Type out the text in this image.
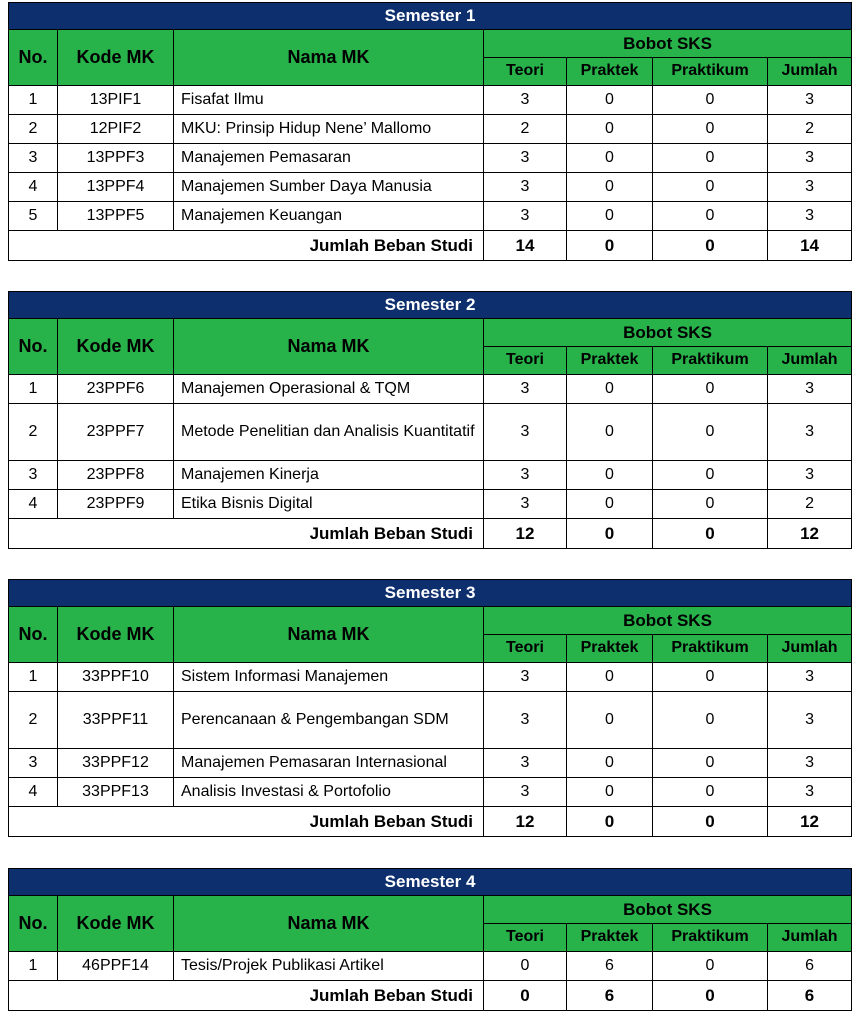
Semester 1						
No.	Kode MK	Nama MK	Bobot SKS			
			Teori	Praktek	Praktikum	Jumlah
1	13PIF1	Fisafat Ilmu	3	0	0	3
2	12PIF2	MKU: Prinsip Hidup Nene’ Mallomo	2	0	0	2
3	13PPF3	Manajemen Pemasaran	3	0	0	3
4	13PPF4	Manajemen Sumber Daya Manusia	3	0	0	3
5	13PPF5	Manajemen Keuangan	3	0	0	3
Jumlah Beban Studi			14	0	0	14
Semester 2						
No.	Kode MK	Nama MK	Bobot SKS			
			Teori	Praktek	Praktikum	Jumlah
1	23PPF6	Manajemen Operasional & TQM	3	0	0	3
2	23PPF7	Metode Penelitian dan Analisis Kuantitatif	3	0	0	3
3	23PPF8	Manajemen Kinerja	3	0	0	3
4	23PPF9	Etika Bisnis Digital	3	0	0	2
Jumlah Beban Studi			12	0	0	12
Semester 3						
No.	Kode MK	Nama MK	Bobot SKS			
			Teori	Praktek	Praktikum	Jumlah
1	33PPF10	Sistem Informasi Manajemen	3	0	0	3
2	33PPF11	Perencanaan & Pengembangan SDM	3	0	0	3
3	33PPF12	Manajemen Pemasaran Internasional	3	0	0	3
4	33PPF13	Analisis Investasi & Portofolio	3	0	0	3
Jumlah Beban Studi			12	0	0	12
Semester 4						
No.	Kode MK	Nama MK	Bobot SKS			
			Teori	Praktek	Praktikum	Jumlah
1	46PPF14	Tesis/Projek Publikasi Artikel	0	6	0	6
Jumlah Beban Studi			0	6	0	6
